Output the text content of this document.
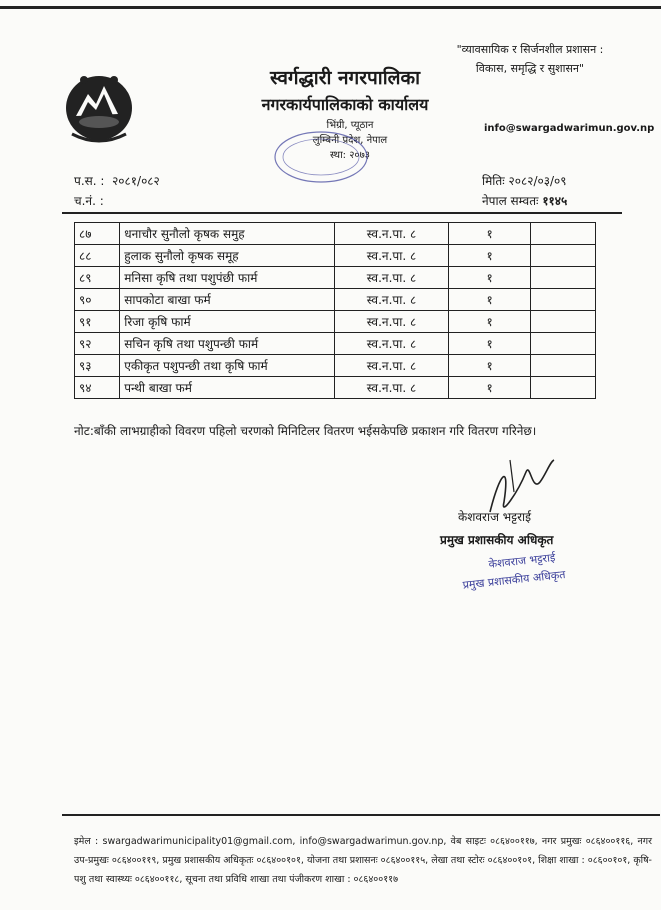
"व्यावसायिक र सिर्जनशील प्रशासन :
विकास, समृद्धि र सुशासन"
स्वर्गद्धारी नगरपालिका
नगरकार्यपालिकाको कार्यालय
भिंग्री, प्यूठान
लुम्बिनी प्रदेश, नेपाल
स्था: २०७३
info@swargadwarimun.gov.np
प.स. :  २०८१/०८२
च.नं. :
मितिः २०८२/०३/०९
नेपाल सम्वतः ११४५
८७	धनाचौर सुनौलो कृषक समुह	स्व.न.पा. ८	१	
८८	हुलाक सुनौलो कृषक समूह	स्व.न.पा. ८	१	
८९	मनिसा कृषि तथा पशुपंछी फार्म	स्व.न.पा. ८	१	
९०	सापकोटा बाखा फर्म	स्व.न.पा. ८	१	
९१	रिजा कृषि फार्म	स्व.न.पा. ८	१	
९२	सचिन कृषि तथा पशुपन्छी फार्म	स्व.न.पा. ८	१	
९३	एकीकृत पशुपन्छी तथा कृषि फार्म	स्व.न.पा. ८	१	
९४	पन्थी बाखा फर्म	स्व.न.पा. ८	१	
नोट:बाँकी लाभग्राहीको विवरण पहिलो चरणको मिनिटिलर वितरण भईसकेपछि प्रकाशन गरि वितरण गरिनेछ।
केशवराज भट्टराई
प्रमुख प्रशासकीय अधिकृत
केशवराज भट्टराई
प्रमुख प्रशासकीय अधिकृत
इमेल : swargadwarimunicipality01@gmail.com, info@swargadwarimun.gov.np, वेब साइटः ०८६४००११७, नगर प्रमुखः ०८६४००११६, नगर उप-प्रमुखः ०८६४००११९, प्रमुख प्रशासकीय अधिकृतः ०८६४००१०१, योजना तथा प्रशासनः ०८६४००११५, लेखा तथा स्टोरः ०८६४००१०१, शिक्षा शाखा : ०८६००१०१, कृषि-पशु तथा स्वास्थ्यः ०८६४००११८, सूचना तथा प्रविधि शाखा तथा पंजीकरण शाखा : ०८६४००११७
